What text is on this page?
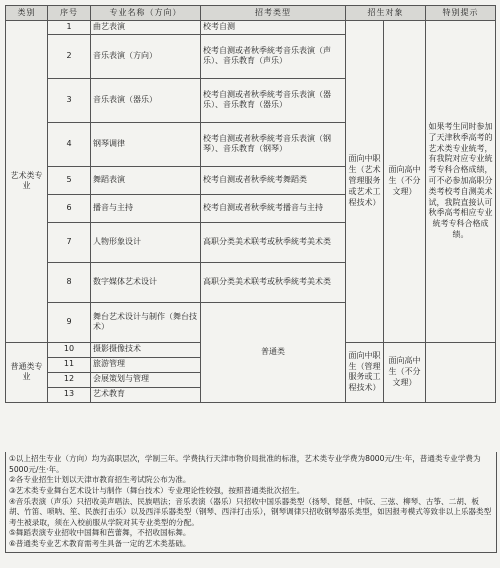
类别	序号	专业名称（方向）	招考类型	招生对象		特别提示
艺术类专业	1	曲艺表演	校考自测	面向中职生（艺术管理服务或艺术工程技术）	面向高中生（不分文理）	如果考生同时参加了天津秋季高考的艺术类专业統考，有我院对应专业統考专科合格成绩，可不必参加高职分类考校考自测美术试，我院直接认可秋季高考相应专业統考专科合格成绩。
	2	音乐表演（方向）	校考自测或者秋季統考音乐表演（声乐）、音乐教育（声乐）			
	3	音乐表演（器乐）	校考自测或者秋季統考音乐表演（器乐）、音乐教育（器乐）			
	4	钢琴调律	校考自测或者秋季統考音乐表演（钢琴）、音乐教育（钢琴）			
	5	舞蹈表演	校考自测或者秋季統考舞蹈类			
	6	播音与主持	校考自测或者秋季統考播音与主持			
	7	人物形象设计	高职分类美术联考或秋季統考美术类			
	8	数字媒体艺术设计	高职分类美术联考或秋季統考美术类			
	9	舞台艺术设计与制作（舞台技术）	普通类			
普通类专业	10	摄影摄像技术		面向中职生（管理服务或工程技术）	面向高中生（不分文理）	
	11	旅游管理				
	12	会展策划与管理				
	13	艺术教育				

①以上招生专业（方向）均为高职层次，学制三年。学费执行天津市物价局批准的标准，艺术类专业学费为8000元/生·年，普通类专业学费为5000元/生·年。

②各专业招生计划以天津市教育招生考试院公布为准。

③艺术类专业舞台艺术设计与制作（舞台技术）专业理论性较强，按照普通类批次招生。

④音乐表演（声乐）只招收美声唱法、民族唱法；音乐表演（器乐）只招收中国乐器类型（扬琴、琵琶、中阮、三弦、柳琴、古筝、二胡、板胡、竹笛、唢呐、笙、民族打击乐）以及西洋乐器类型（钢琴、西洋打击乐），钢琴调律只招收钢琴器乐类型，如因报考模式等致非以上乐器类型考生被录取，须在入校前服从学院对其专业类型的分配。

⑤舞蹈表演专业招收中国舞和芭蕾舞，不招收国标舞。

⑥普通类专业艺术教育需考生具备一定的艺术类基础。
